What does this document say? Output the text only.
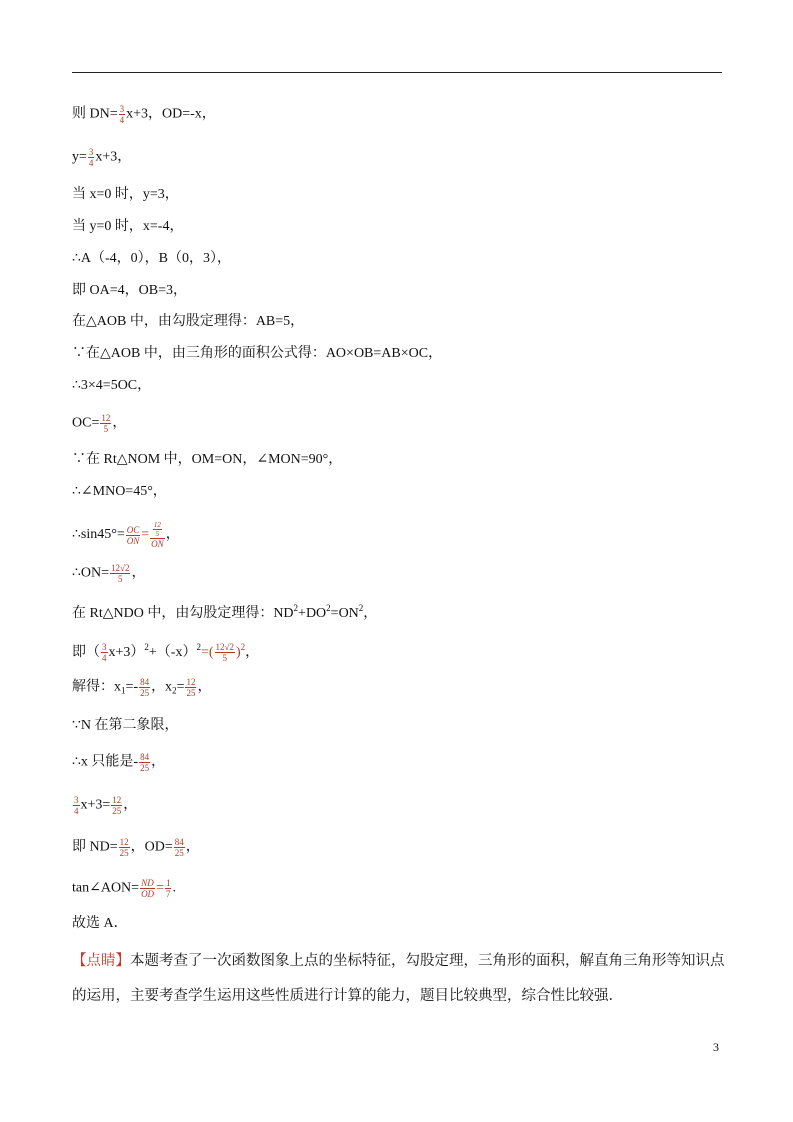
则 $DN= \frac{3}{4} x+3$，OD=-x，
$y= \frac{3}{4} x+3$，
当 x=0 时，y=3，
当 y=0 时，x=-4，
∴A（-4，0），B（0，3），
即 OA=4，OB=3，
在△AOB 中，由勾股定理得：AB=5，
∵在△AOB 中，由三角形的面积公式得：AO×OB=AB×OC，
∴3×4=5OC，
$OC= \frac{12}{5}$ ，
∵在 Rt△NOM 中，OM=ON，∠MON=90°，
∴∠MNO=45°，
∴sin45°= $\frac{OC}{ON} = \frac{\frac{12}{5}}{ON}$ ，
∴ON= $\frac{12√2}{5}$ ，
在 Rt△NDO 中，由勾股定理得：$ND^2+DO^2=ON^2$，
即（ $\frac{3}{4} x+3)^2+(-x)^2=( \frac{12√2}{5} )^2$，
解得：$x_1=- \frac{84}{25}$ ，$x_2= \frac{12}{25}$ ，
∵N 在第二象限，
∴x 只能是- $\frac{84}{25}$ ，
$\frac{3}{4} x+3= \frac{12}{25}$ ，
即 $ND= \frac{12}{25}$ ，$OD= \frac{84}{25}$ ，
tan∠AON= $\frac{ND}{OD} = \frac{1}{7}$ .
故选 A．
【点睛】本题考查了一次函数图象上点的坐标特征，勾股定理，三角形的面积，解直角三角形等知识点的运用，主要考查学生运用这些性质进行计算的能力，题目比较典型，综合性比较强．
3
